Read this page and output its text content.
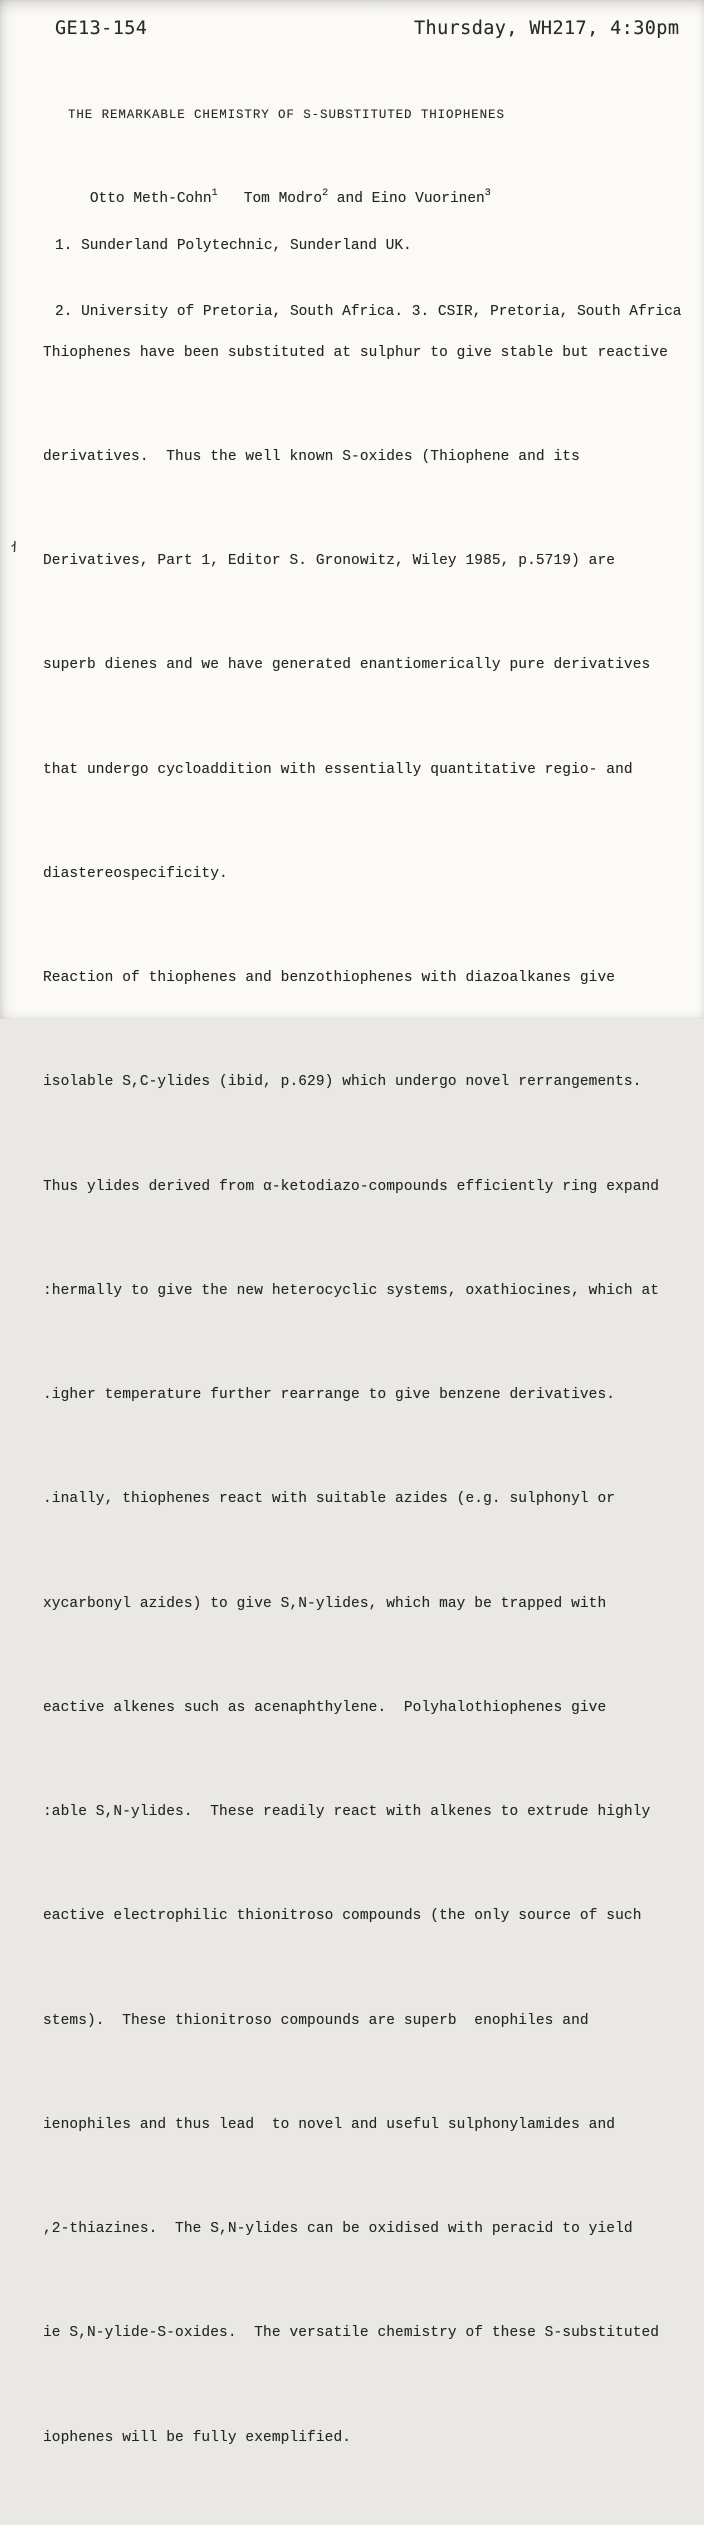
GE13-154	Thursday, WH217, 4:30pm
THE REMARKABLE CHEMISTRY OF S-SUBSTITUTED THIOPHENES

Otto Meth-Cohn$^1$ Tom Modro$^2$ and Eino Vuorinen$^3$

1. Sunderland Polytechnic, Sunderland UK.

2. University of Pretoria, South Africa. 3. CSIR, Pretoria, South Africa

Thiophenes have been substituted at sulphur to give stable but reactive

derivatives.  Thus the well known S-oxides (Thiophene and its

Derivatives, Part 1, Editor S. Gronowitz, Wiley 1985, p.5719) are

superb dienes and we have generated enantiomerically pure derivatives

that undergo cycloaddition with essentially quantitative regio- and

diastereospecificity.

Reaction of thiophenes and benzothiophenes with diazoalkanes give

isolable S,C-ylides (ibid, p.629) which undergo novel rerrangements.

Thus ylides derived from α-ketodiazo-compounds efficiently ring expand

:hermally to give the new heterocyclic systems, oxathiocines, which at

.igher temperature further rearrange to give benzene derivatives.

.inally, thiophenes react with suitable azides (e.g. sulphonyl or

xycarbonyl azides) to give S,N-ylides, which may be trapped with

eactive alkenes such as acenaphthylene.  Polyhalothiophenes give

:able S,N-ylides.  These readily react with alkenes to extrude highly

eactive electrophilic thionitroso compounds (the only source of such

stems).  These thionitroso compounds are superb  enophiles and

ienophiles and thus lead  to novel and useful sulphonylamides and

,2-thiazines.  The S,N-ylides can be oxidised with peracid to yield

ie S,N-ylide-S-oxides.  The versatile chemistry of these S-substituted

iophenes will be fully exemplified.
